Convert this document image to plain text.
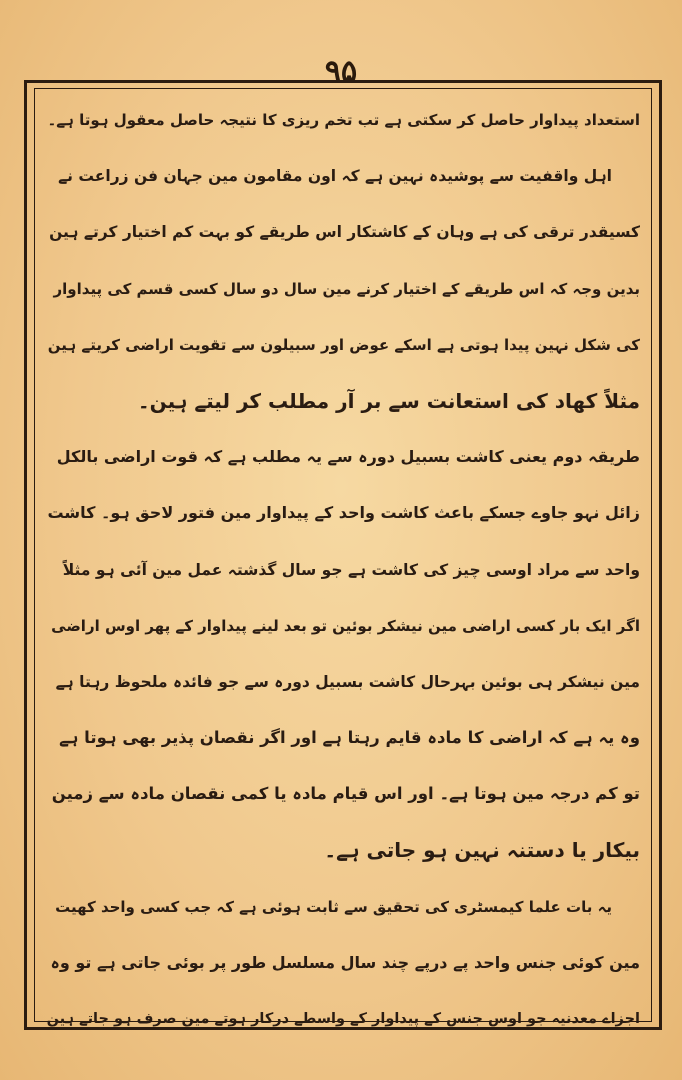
۹۵
استعداد پیداوار حاصل کر سکتی ہے تب تخم ریزی کا نتیجہ حاصل معقول ہوتا ہے۔
اہل واقفیت سے پوشیدہ نہین ہے کہ اون مقامون مین جہان فن زراعت نے
کسیقدر ترقی کی ہے وہان کے کاشتکار اس طریقے کو بہت کم اختیار کرتے ہین
بدین وجہ کہ اس طریقے کے اختیار کرنے مین سال دو سال کسی قسم کی پیداوار
کی شکل نہین پیدا ہوتی ہے اسکے عوض اور سبیلون سے تقویت اراضی کریتے ہین
مثلاً کھاد کی استعانت سے بر آر مطلب کر لیتے ہین۔
طریقہ دوم یعنی کاشت بسبیل دورہ سے یہ مطلب ہے کہ قوت اراضی بالکل
زائل نہو جاوے جسکے باعث کاشت واحد کے پیداوار مین فتور لاحق ہو۔ کاشت
واحد سے مراد اوسی چیز کی کاشت ہے جو سال گذشتہ عمل مین آئی ہو مثلاً
اگر ایک بار کسی اراضی مین نیشکر بوئین تو بعد لینے پیداوار کے پھر اوس اراضی
مین نیشکر ہی بوئین بہرحال کاشت بسبیل دورہ سے جو فائدہ ملحوظ رہتا ہے
وہ یہ ہے کہ اراضی کا مادہ قایم رہتا ہے اور اگر نقصان پذیر بھی ہوتا ہے
تو کم درجہ مین ہوتا ہے۔ اور اس قیام مادہ یا کمی نقصان مادہ سے زمین
بیکار یا دستنہ نہین ہو جاتی ہے۔
یہ بات علما کیمسٹری کی تحقیق سے ثابت ہوئی ہے کہ جب کسی واحد کھیت
مین کوئی جنس واحد پے درپے چند سال مسلسل طور پر بوئی جاتی ہے تو وہ
اجزاے معدنیہ جو اوس جنس کے پیداوار کے واسطے درکار ہوتے مین صرف ہو جاتے ہین
